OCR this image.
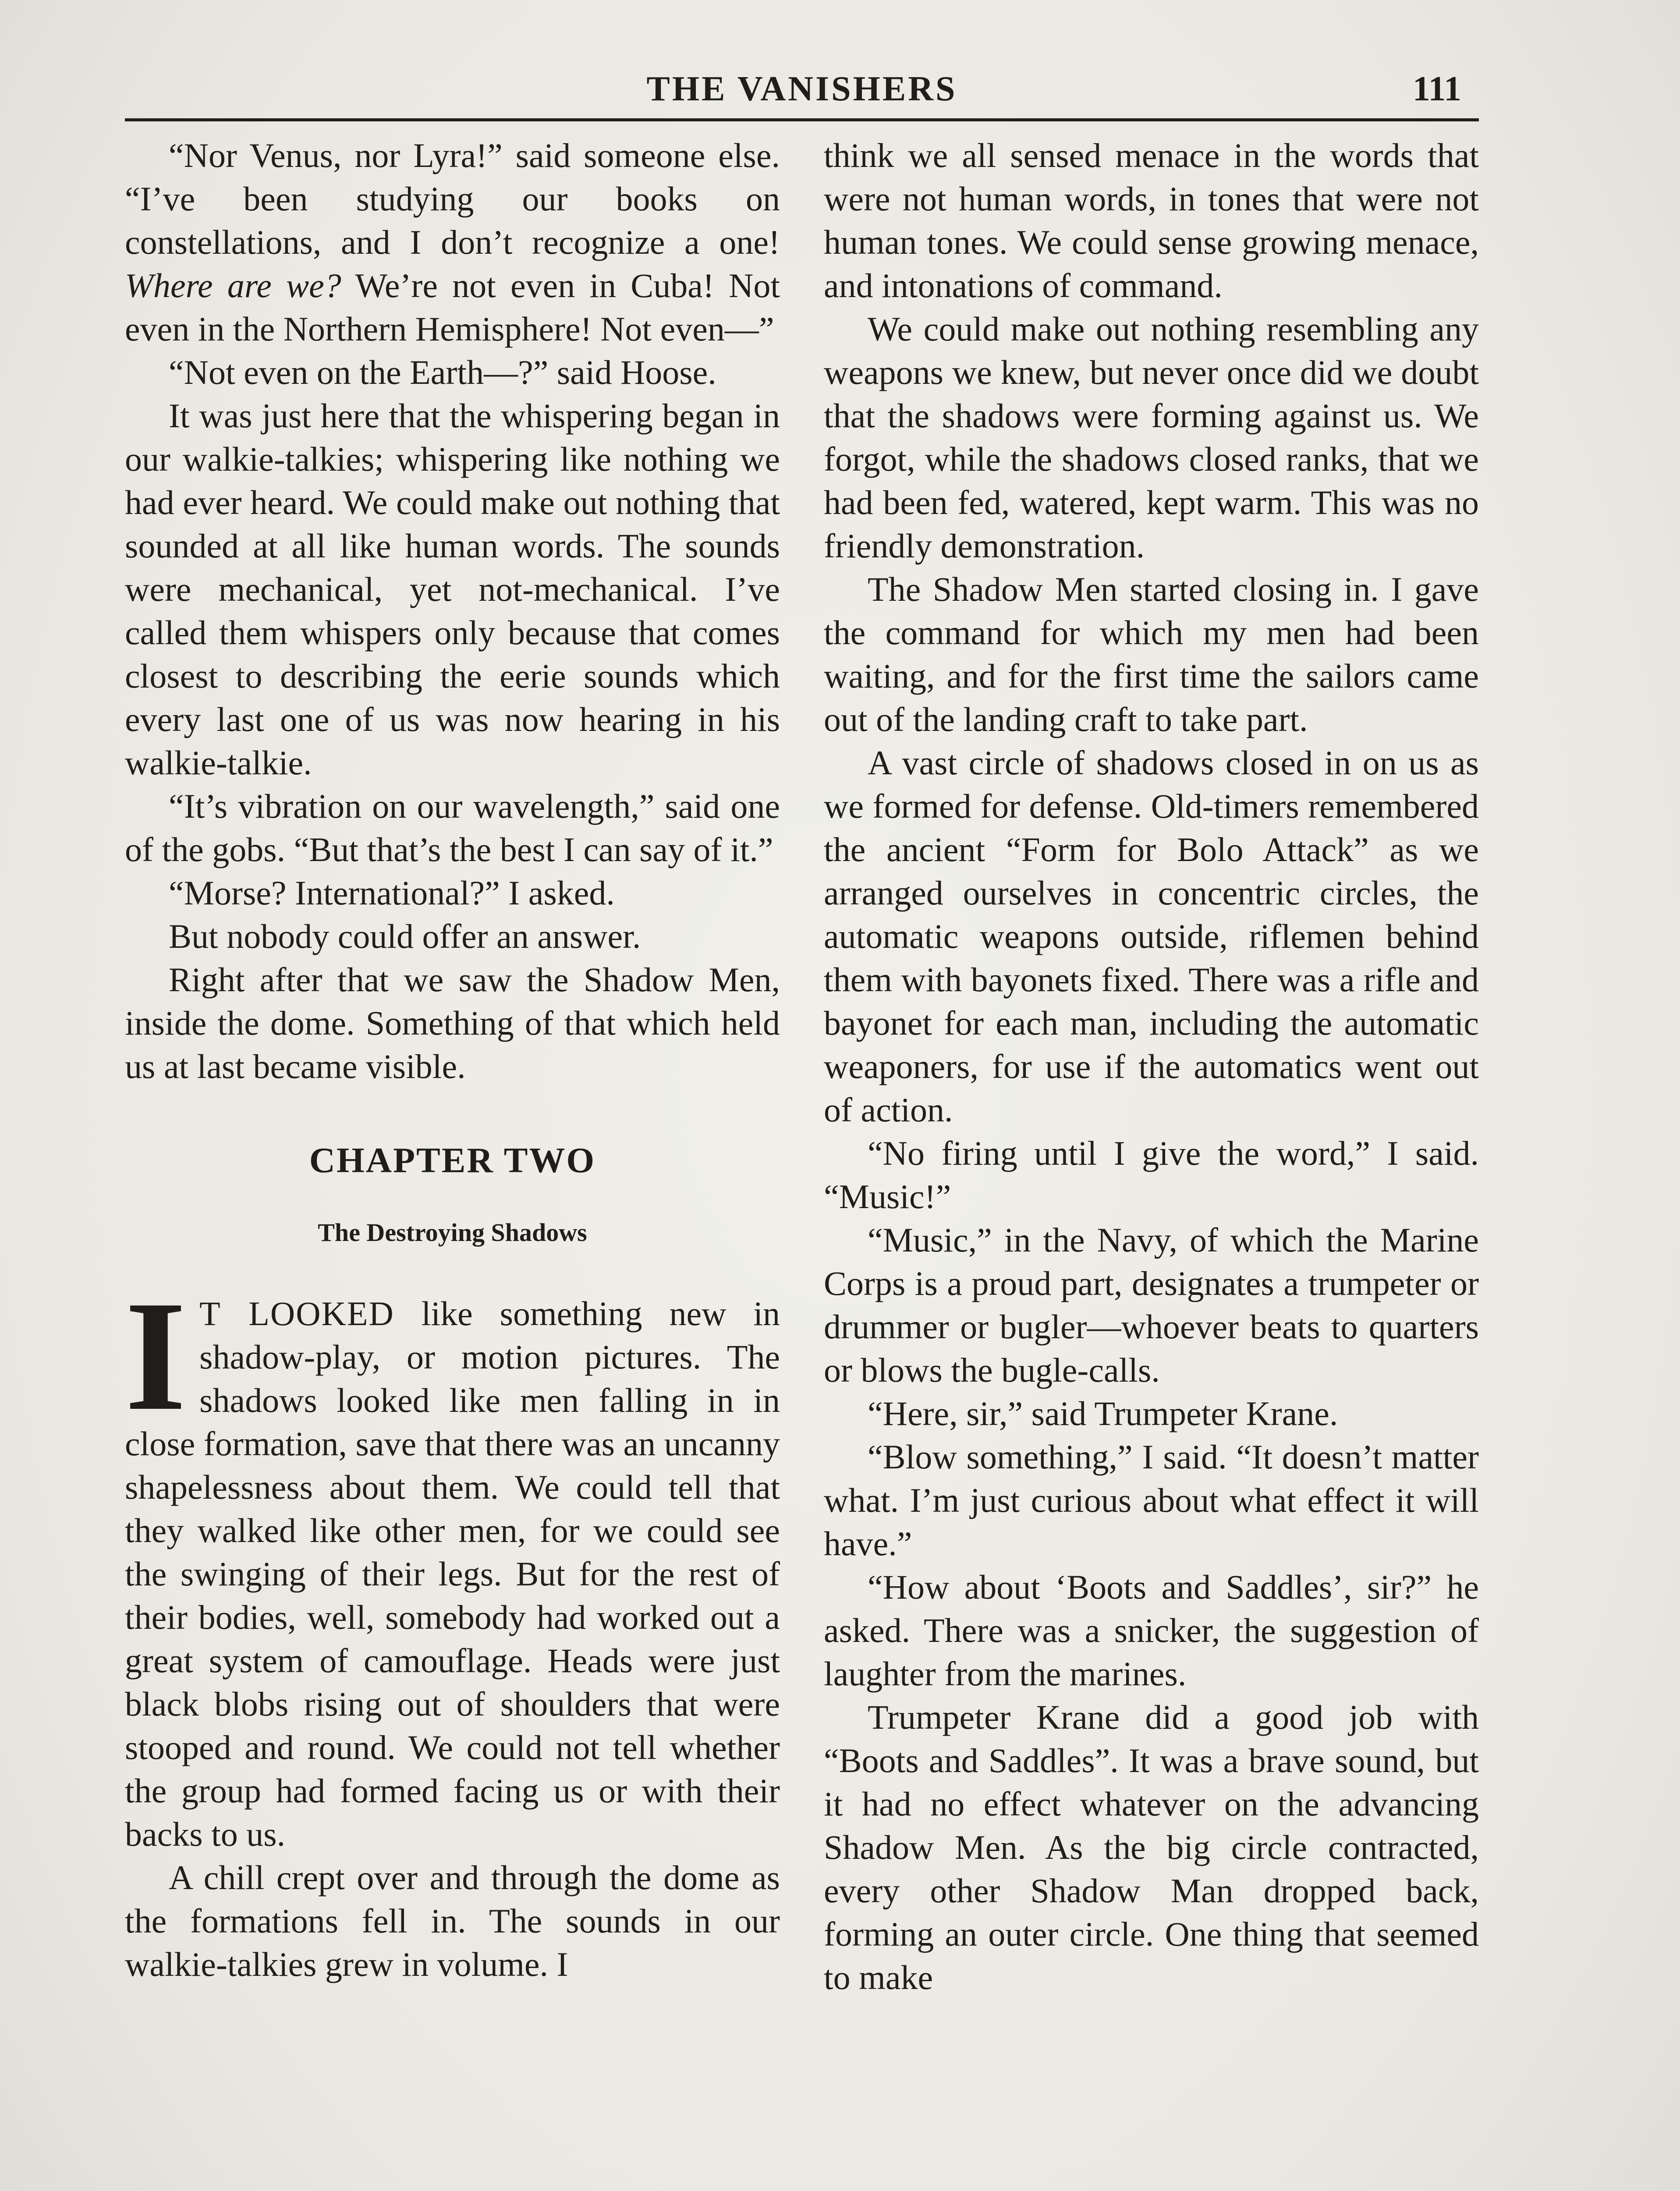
THE VANISHERS	111

“Nor Venus, nor Lyra!” said someone else. “I’ve been studying our books on constellations, and I don’t recognize a one! Where are we? We’re not even in Cuba! Not even in the Northern Hemisphere! Not even—”

“Not even on the Earth—?” said Hoose.

It was just here that the whispering began in our walkie-talkies; whispering like nothing we had ever heard. We could make out nothing that sounded at all like human words. The sounds were mechanical, yet not-mechanical. I’ve called them whispers only because that comes closest to describing the eerie sounds which every last one of us was now hearing in his walkie-talkie.

“It’s vibration on our wavelength,” said one of the gobs. “But that’s the best I can say of it.”

“Morse? International?” I asked.

But nobody could offer an answer.

Right after that we saw the Shadow Men, inside the dome. Something of that which held us at last became visible.

CHAPTER TWO
The Destroying Shadows

I T LOOKED like something new in shadow-play, or motion pictures. The shadows looked like men falling in in close formation, save that there was an uncanny shapelessness about them. We could tell that they walked like other men, for we could see the swinging of their legs. But for the rest of their bodies, well, somebody had worked out a great system of camouflage. Heads were just black blobs rising out of shoulders that were stooped and round. We could not tell whether the group had formed facing us or with their backs to us.

A chill crept over and through the dome as the formations fell in. The sounds in our walkie-talkies grew in volume. I

think we all sensed menace in the words that were not human words, in tones that were not human tones. We could sense growing menace, and intonations of command.

We could make out nothing resembling any weapons we knew, but never once did we doubt that the shadows were forming against us. We forgot, while the shadows closed ranks, that we had been fed, watered, kept warm. This was no friendly demonstration.

The Shadow Men started closing in. I gave the command for which my men had been waiting, and for the first time the sailors came out of the landing craft to take part.

A vast circle of shadows closed in on us as we formed for defense. Old-timers remembered the ancient “Form for Bolo Attack” as we arranged ourselves in concentric circles, the automatic weapons outside, riflemen behind them with bayonets fixed. There was a rifle and bayonet for each man, including the automatic weaponers, for use if the automatics went out of action.

“No firing until I give the word,” I said. “Music!”

“Music,” in the Navy, of which the Marine Corps is a proud part, designates a trumpeter or drummer or bugler—whoever beats to quarters or blows the bugle-calls.

“Here, sir,” said Trumpeter Krane.

“Blow something,” I said. “It doesn’t matter what. I’m just curious about what effect it will have.”

“How about ‘Boots and Saddles’, sir?” he asked. There was a snicker, the suggestion of laughter from the marines.

Trumpeter Krane did a good job with “Boots and Saddles”. It was a brave sound, but it had no effect whatever on the advancing Shadow Men. As the big circle contracted, every other Shadow Man dropped back, forming an outer circle. One thing that seemed to make
